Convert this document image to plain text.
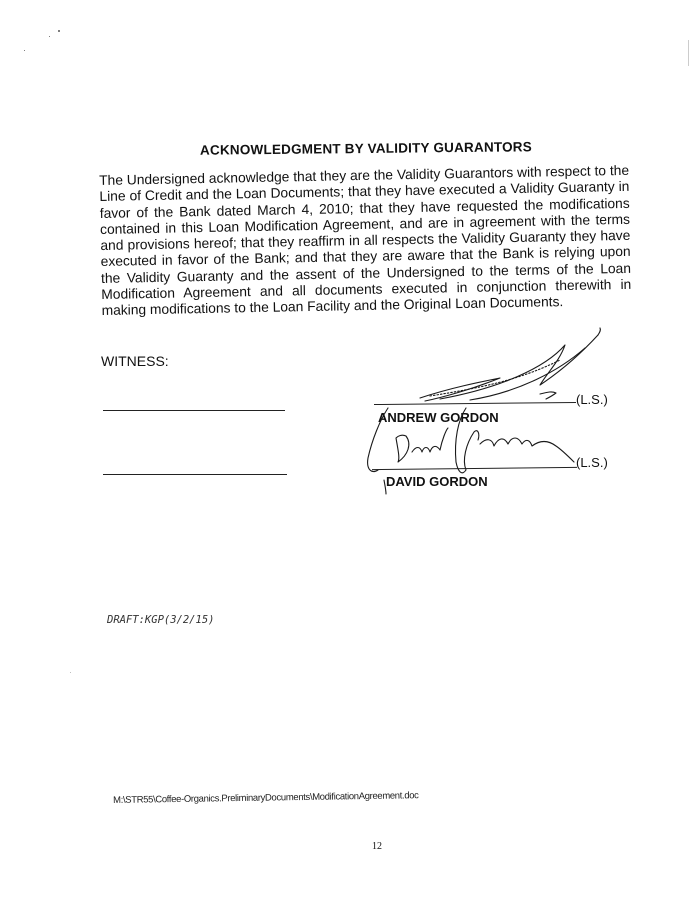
ACKNOWLEDGMENT BY VALIDITY GUARANTORS
The Undersigned acknowledge that they are the Validity Guarantors with respect to the Line of Credit and the Loan Documents; that they have executed a Validity Guaranty in favor of the Bank dated March 4, 2010; that they have requested the modifications contained in this Loan Modification Agreement, and are in agreement with the terms and provisions hereof; that they reaffirm in all respects the Validity Guaranty they have executed in favor of the Bank; and that they are aware that the Bank is relying upon the Validity Guaranty and the assent of the Undersigned to the terms of the Loan Modification Agreement and all documents executed in conjunction therewith in making modifications to the Loan Facility and the Original Loan Documents.
WITNESS:
(L.S.)
ANDREW GORDON
(L.S.)
DAVID GORDON
DRAFT:KGP(3/2/15)
M:\STR55\Coffee-Organics.PreliminaryDocuments\ModificationAgreement.doc
12
